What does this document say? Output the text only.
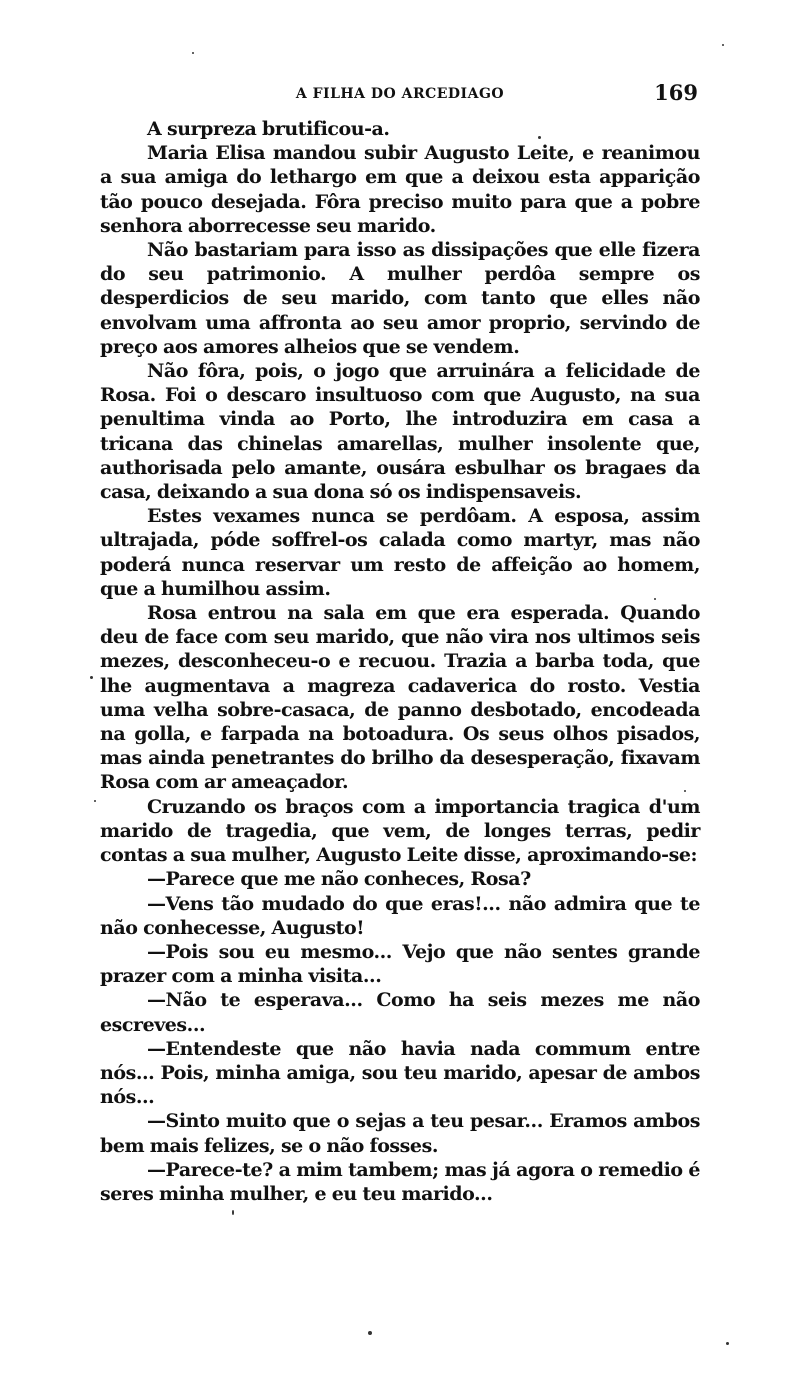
A FILHA DO ARCEDIAGO	169

A surpreza brutificou-a.

Maria Elisa mandou subir Augusto Leite, e reanimou a sua amiga do lethargo em que a deixou esta apparição tão pouco desejada. Fôra preciso muito para que a pobre senhora aborrecesse seu marido.

Não bastariam para isso as dissipações que elle fizera do seu patrimonio. A mulher perdôa sempre os desperdicios de seu marido, com tanto que elles não envolvam uma affronta ao seu amor proprio, servindo de preço aos amores alheios que se vendem.

Não fôra, pois, o jogo que arruinára a felicidade de Rosa. Foi o descaro insultuoso com que Augusto, na sua penultima vinda ao Porto, lhe introduzira em casa a tricana das chinelas amarellas, mulher insolente que, authorisada pelo amante, ousára esbulhar os bragaes da casa, deixando a sua dona só os indispensaveis.

Estes vexames nunca se perdôam. A esposa, assim ultrajada, póde soffrel-os calada como martyr, mas não poderá nunca reservar um resto de affeição ao homem, que a humilhou assim.

Rosa entrou na sala em que era esperada. Quando deu de face com seu marido, que não vira nos ultimos seis mezes, desconheceu-o e recuou. Trazia a barba toda, que lhe augmentava a magreza cadaverica do rosto. Vestia uma velha sobre-casaca, de panno desbotado, encodeada na golla, e farpada na botoadura. Os seus olhos pisados, mas ainda penetrantes do brilho da desesperação, fixavam Rosa com ar ameaçador.

Cruzando os braços com a importancia tragica d'um marido de tragedia, que vem, de longes terras, pedir contas a sua mulher, Augusto Leite disse, aproximando-se:

—Parece que me não conheces, Rosa?

—Vens tão mudado do que eras!... não admira que te não conhecesse, Augusto!

—Pois sou eu mesmo... Vejo que não sentes grande prazer com a minha visita...

—Não te esperava... Como ha seis mezes me não escreves...

—Entendeste que não havia nada commum entre nós... Pois, minha amiga, sou teu marido, apesar de ambos nós...

—Sinto muito que o sejas a teu pesar... Eramos ambos bem mais felizes, se o não fosses.

—Parece-te? a mim tambem; mas já agora o remedio é seres minha mulher, e eu teu marido...
